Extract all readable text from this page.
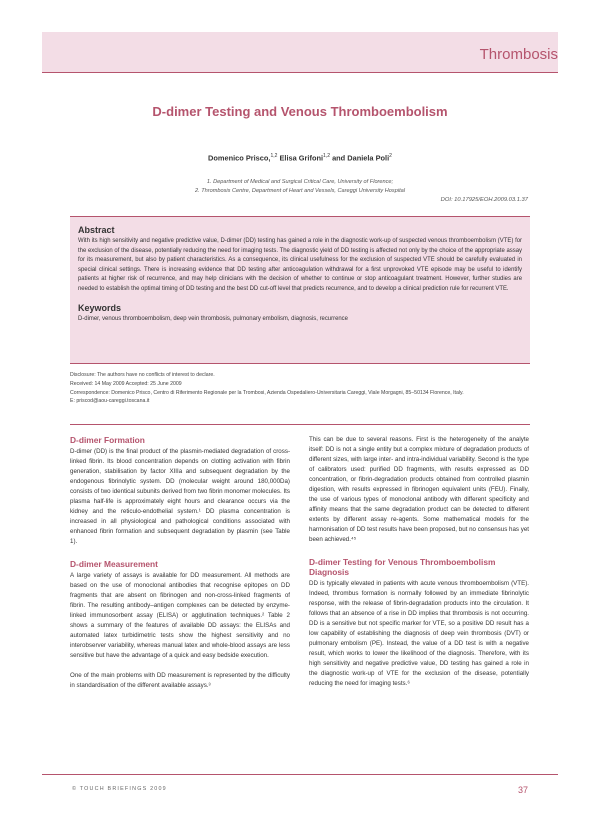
Thrombosis
D-dimer Testing and Venous Thromboembolism
Domenico Prisco,$^{1,2}$ Elisa Grifoni$^{1,2}$ and Daniela Poli$^2$
1. Department of Medical and Surgical Critical Care, University of Florence;
2. Thrombosis Centre, Department of Heart and Vessels, Careggi University Hospital
DOI: 10.17925/EOH.2009.03.1.37
Abstract
With its high sensitivity and negative predictive value, D-dimer (DD) testing has gained a role in the diagnostic work-up of suspected venous thromboembolism (VTE) for the exclusion of the disease, potentially reducing the need for imaging tests. The diagnostic yield of DD testing is affected not only by the choice of the appropriate assay for its measurement, but also by patient characteristics. As a consequence, its clinical usefulness for the exclusion of suspected VTE should be carefully evaluated in special clinical settings. There is increasing evidence that DD testing after anticoagulation withdrawal for a first unprovoked VTE episode may be useful to identify patients at higher risk of recurrence, and may help clinicians with the decision of whether to continue or stop anticoagulant treatment. However, further studies are needed to establish the optimal timing of DD testing and the best DD cut-off level that predicts recurrence, and to develop a clinical prediction rule for recurrent VTE.
Keywords
D-dimer, venous thromboembolism, deep vein thrombosis, pulmonary embolism, diagnosis, recurrence
Disclosure: The authors have no conflicts of interest to declare.
Received: 14 May 2009 Accepted: 25 June 2009
Correspondence: Domenico Prisco, Centro di Riferimento Regionale per la Trombosi, Azienda Ospedaliero-Universitaria Careggi, Viale Morgagni, 85–50134 Florence, Italy.
E: priscod@aou-careggi.toscana.it
D-dimer Formation

D-dimer (DD) is the final product of the plasmin-mediated degradation of cross-linked fibrin. Its blood concentration depends on clotting activation with fibrin generation, stabilisation by factor XIIIa and subsequent degradation by the endogenous fibrinolytic system. DD (molecular weight around 180,000Da) consists of two identical subunits derived from two fibrin monomer molecules. Its plasma half-life is approximately eight hours and clearance occurs via the kidney and the reticulo-endothelial system.¹ DD plasma concentration is increased in all physiological and pathological conditions associated with enhanced fibrin formation and subsequent degradation by plasmin (see Table 1).

D-dimer Measurement

A large variety of assays is available for DD measurement. All methods are based on the use of monoclonal antibodies that recognise epitopes on DD fragments that are absent on fibrinogen and non-cross-linked fragments of fibrin. The resulting antibody–antigen complexes can be detected by enzyme-linked immunosorbent assay (ELISA) or agglutination techniques.² Table 2 shows a summary of the features of available DD assays: the ELISAs and automated latex turbidimetric tests show the highest sensitivity and no interobserver variability, whereas manual latex and whole-blood assays are less sensitive but have the advantage of a quick and easy bedside execution.

One of the main problems with DD measurement is represented by the difficulty in standardisation of the different available assays.³

This can be due to several reasons. First is the heterogeneity of the analyte itself: DD is not a single entity but a complex mixture of degradation products of different sizes, with large inter- and intra-individual variability. Second is the type of calibrators used: purified DD fragments, with results expressed as DD concentration, or fibrin-degradation products obtained from controlled plasmin digestion, with results expressed in fibrinogen equivalent units (FEU). Finally, the use of various types of monoclonal antibody with different specificity and affinity means that the same degradation product can be detected to different extents by different assay re-agents. Some mathematical models for the harmonisation of DD test results have been proposed, but no consensus has yet been achieved.⁴⁵

D-dimer Testing for Venous Thromboembolism Diagnosis

DD is typically elevated in patients with acute venous thromboembolism (VTE). Indeed, thrombus formation is normally followed by an immediate fibrinolytic response, with the release of fibrin-degradation products into the circulation. It follows that an absence of a rise in DD implies that thrombosis is not occurring. DD is a sensitive but not specific marker for VTE, so a positive DD result has a low capability of establishing the diagnosis of deep vein thrombosis (DVT) or pulmonary embolism (PE). Instead, the value of a DD test is with a negative result, which works to lower the likelihood of the diagnosis. Therefore, with its high sensitivity and negative predictive value, DD testing has gained a role in the diagnostic work-up of VTE for the exclusion of the disease, potentially reducing the need for imaging tests.⁶

© TOUCH BRIEFINGS 2009	37
